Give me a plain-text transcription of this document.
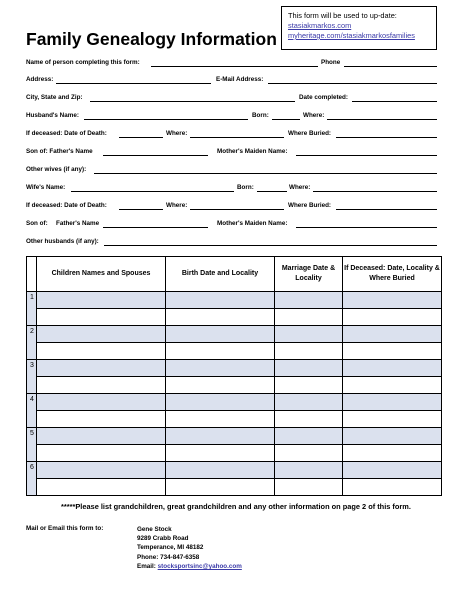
Family Genealogy Information
This form will be used to up-date:
stasiakmarkos.com
myheritage.com/stasiakmarkosfamilies
Name of person completing this form:	Phone
Address:	E-Mail Address:
City, State and Zip:	Date completed:
Husband's Name:	Born:	Where:
If deceased: Date of Death:	Where:	Where Buried:
Son of: Father's Name	Mother's Maiden Name:
Other wives (if any):
Wife's Name:	Born:	Where:
If deceased: Date of Death:	Where:	Where Buried:
Son of: Father's Name	Mother's Maiden Name:
Other husbands (if any):
	Children Names and Spouses	Birth Date and Locality	Marriage Date & Locality	If Deceased: Date, Locality & Where Buried
1				

2				

3				

4				

5				

6				

*****Please list grandchildren, great grandchildren and any other information on page 2 of this form.
Mail or Email this form to:	Gene Stock
9289 Crabb Road
Temperance, MI 48182
Phone: 734-847-6358
Email: stocksportsinc@yahoo.com
